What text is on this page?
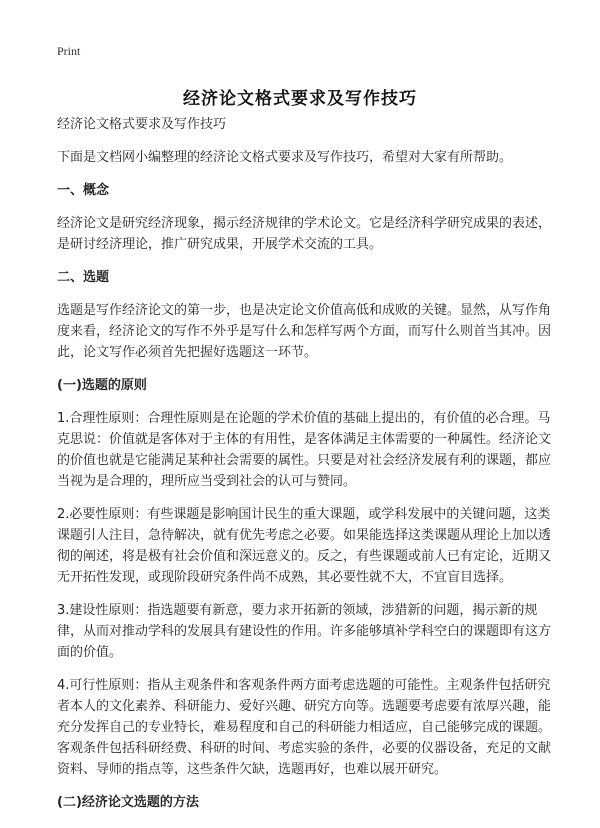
Print
经济论文格式要求及写作技巧

经济论文格式要求及写作技巧

下面是文档网小编整理的经济论文格式要求及写作技巧，希望对大家有所帮助。

一、概念

经济论文是研究经济现象，揭示经济规律的学术论文。它是经济科学研究成果的表述，是研讨经济理论，推广研究成果，开展学术交流的工具。

二、选题

选题是写作经济论文的第一步，也是决定论文价值高低和成败的关键。显然，从写作角度来看，经济论文的写作不外乎是写什么和怎样写两个方面，而写什么则首当其冲。因此，论文写作必须首先把握好选题这一环节。

(一)选题的原则

1.合理性原则：合理性原则是在论题的学术价值的基础上提出的，有价值的必合理。马克思说：价值就是客体对于主体的有用性，是客体满足主体需要的一种属性。经济论文的价值也就是它能满足某种社会需要的属性。只要是对社会经济发展有利的课题，都应当视为是合理的，理所应当受到社会的认可与赞同。

2.必要性原则：有些课题是影响国计民生的重大课题，或学科发展中的关键问题，这类课题引人注目，急待解决，就有优先考虑之必要。如果能选择这类课题从理论上加以透彻的阐述，将是极有社会价值和深远意义的。反之，有些课题或前人已有定论，近期又无开拓性发现，或现阶段研究条件尚不成熟，其必要性就不大，不宜盲目选择。

3.建设性原则：指选题要有新意，要力求开拓新的领域，涉猎新的问题，揭示新的规律，从而对推动学科的发展具有建设性的作用。许多能够填补学科空白的课题即有这方面的价值。

4.可行性原则：指从主观条件和客观条件两方面考虑选题的可能性。主观条件包括研究者本人的文化素养、科研能力、爱好兴趣、研究方向等。选题要考虑要有浓厚兴趣，能充分发挥自己的专业特长，难易程度和自己的科研能力相适应，自己能够完成的课题。客观条件包括科研经费、科研的时间、考虑实验的条件，必要的仪器设备，充足的文献资料、导师的指点等，这些条件欠缺，选题再好，也难以展开研究。

(二)经济论文选题的方法
